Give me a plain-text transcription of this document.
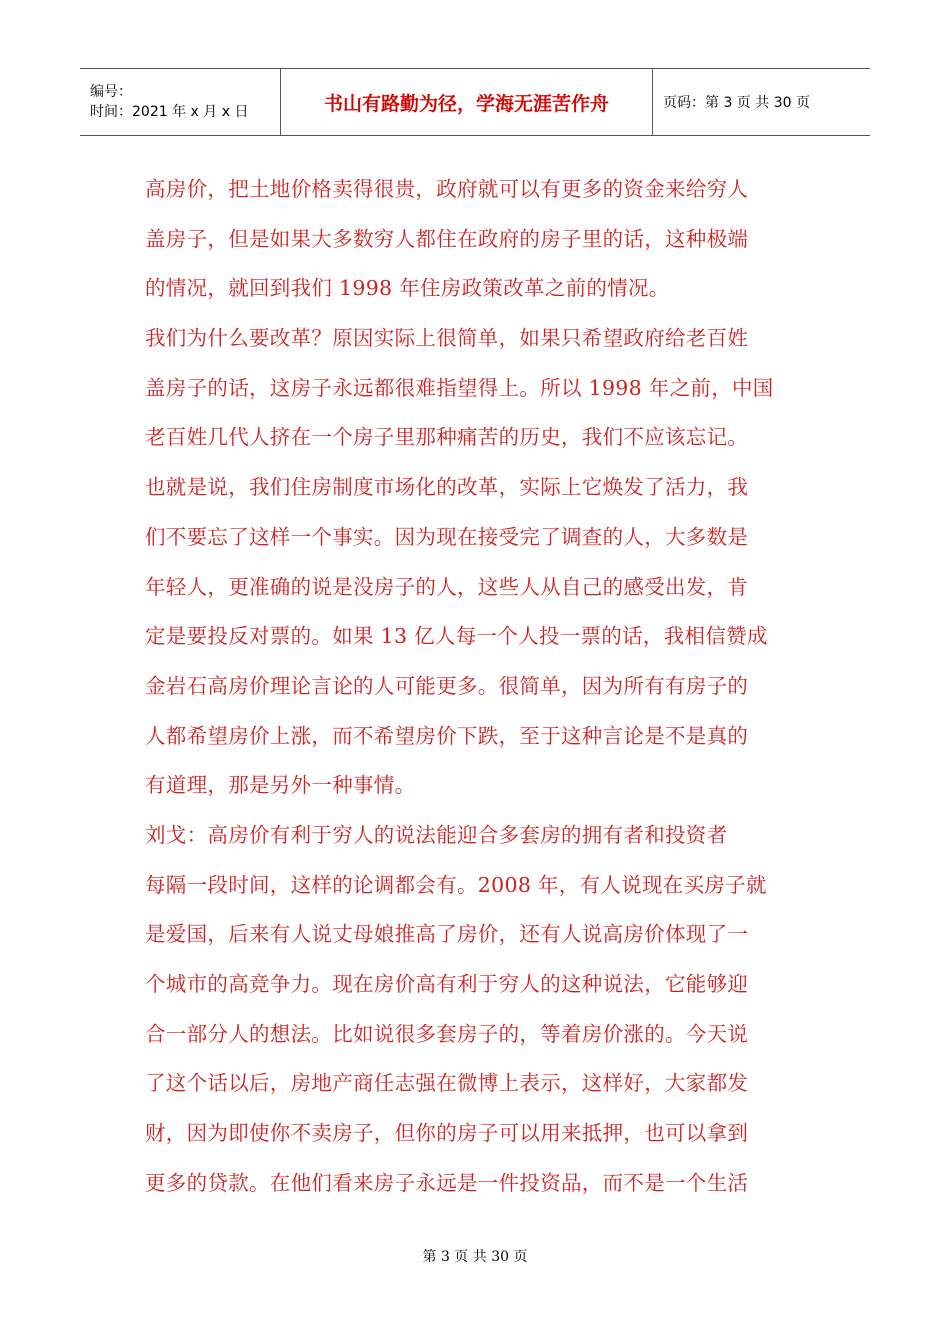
编号：
时间：2021 年 x 月 x 日	书山有路勤为径，学海无涯苦作舟	页码：第 3 页 共 30 页
高房价，把土地价格卖得很贵，政府就可以有更多的资金来给穷人
盖房子，但是如果大多数穷人都住在政府的房子里的话，这种极端
的情况，就回到我们 1998 年住房政策改革之前的情况。
我们为什么要改革？原因实际上很简单，如果只希望政府给老百姓
盖房子的话，这房子永远都很难指望得上。所以 1998 年之前，中国
老百姓几代人挤在一个房子里那种痛苦的历史，我们不应该忘记。
也就是说，我们住房制度市场化的改革，实际上它焕发了活力，我
们不要忘了这样一个事实。因为现在接受完了调查的人，大多数是
年轻人，更准确的说是没房子的人，这些人从自己的感受出发，肯
定是要投反对票的。如果 13 亿人每一个人投一票的话，我相信赞成
金岩石高房价理论言论的人可能更多。很简单，因为所有有房子的
人都希望房价上涨，而不希望房价下跌，至于这种言论是不是真的
有道理，那是另外一种事情。
刘戈：高房价有利于穷人的说法能迎合多套房的拥有者和投资者
每隔一段时间，这样的论调都会有。2008 年，有人说现在买房子就
是爱国，后来有人说丈母娘推高了房价，还有人说高房价体现了一
个城市的高竞争力。现在房价高有利于穷人的这种说法，它能够迎
合一部分人的想法。比如说很多套房子的，等着房价涨的。今天说
了这个话以后，房地产商任志强在微博上表示，这样好，大家都发
财，因为即使你不卖房子，但你的房子可以用来抵押，也可以拿到
更多的贷款。在他们看来房子永远是一件投资品，而不是一个生活
第 3 页 共 30 页
